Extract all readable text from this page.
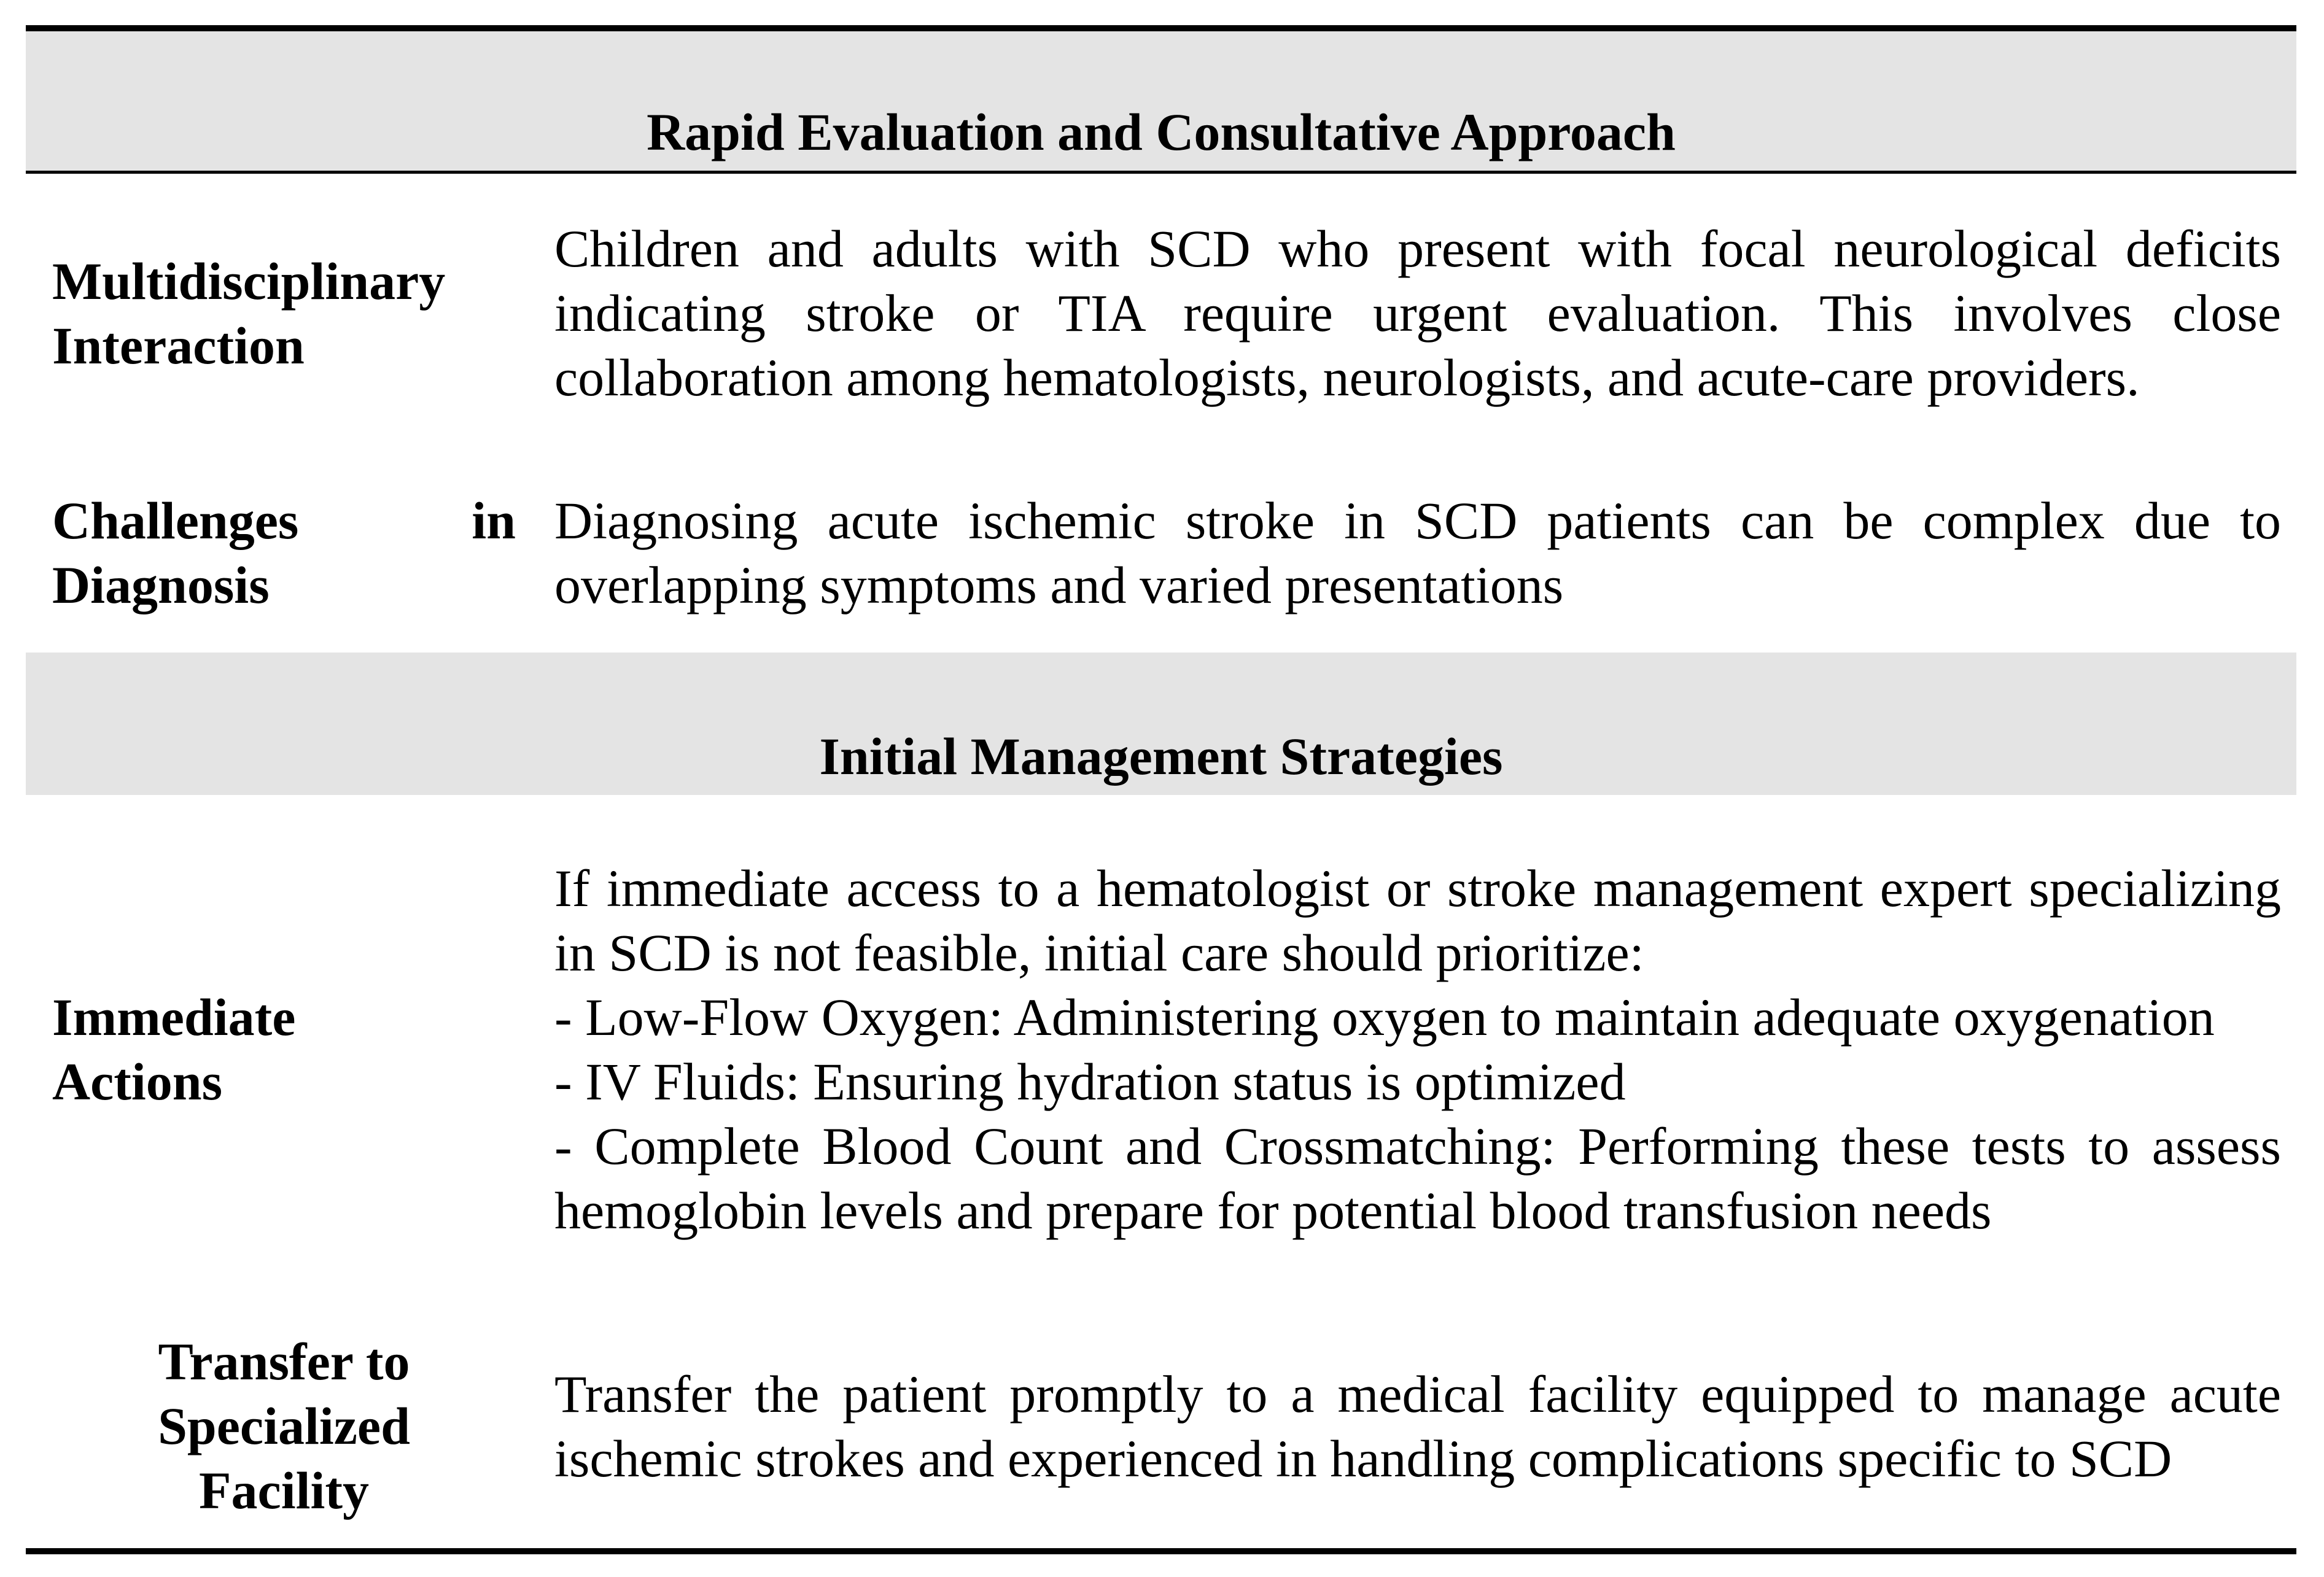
Rapid Evaluation and Consultative Approach
Multidisciplinary
Interaction

Children and adults with SCD who present with focal neurological deficits indicating stroke or TIA require urgent evaluation. This involves close collaboration among hematologists, neurologists, and acute-care providers.

Challenges in
Diagnosis

Diagnosing acute ischemic stroke in SCD patients can be complex due to overlapping symptoms and varied presentations

Initial Management Strategies
Immediate
Actions

If immediate access to a hematologist or stroke management expert specializing in SCD is not feasible, initial care should prioritize:

- Low-Flow Oxygen: Administering oxygen to maintain adequate oxygenation

- IV Fluids: Ensuring hydration status is optimized

- Complete Blood Count and Crossmatching: Performing these tests to assess hemoglobin levels and prepare for potential blood transfusion needs

Transfer to
Specialized
Facility

Transfer the patient promptly to a medical facility equipped to manage acute ischemic strokes and experienced in handling complications specific to SCD
